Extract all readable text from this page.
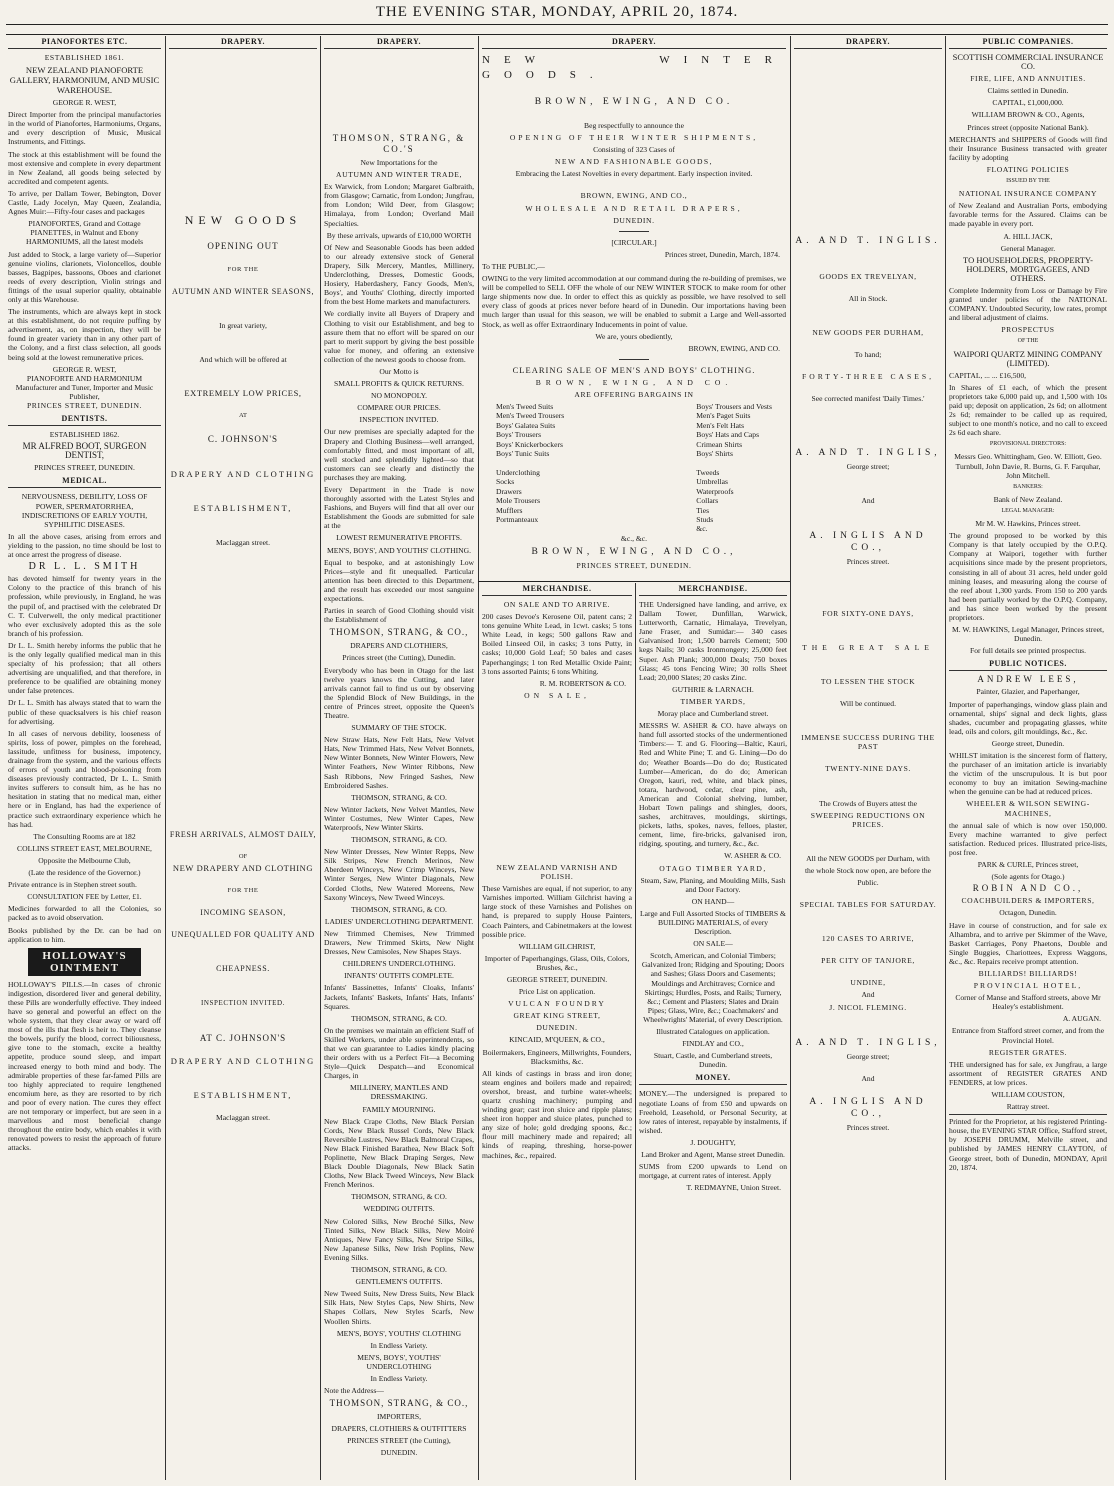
THE EVENING STAR, MONDAY, APRIL 20, 1874.
PIANOFORTES ETC.

ESTABLISHED 1861.

NEW ZEALAND PIANOFORTE GALLERY, HARMONIUM, AND MUSIC WAREHOUSE.

GEORGE R. WEST,

Direct Importer from the principal manufactories in the world of Pianofortes, Harmoniums, Organs, and every description of Music, Musical Instruments, and Fittings.

The stock at this establishment will be found the most extensive and complete in every department in New Zealand, all goods being selected by accredited and competent agents.

To arrive, per Dallam Tower, Bebington, Dover Castle, Lady Jocelyn, May Queen, Zealandia, Agnes Muir:—Fifty-four cases and packages

PIANOFORTES, Grand and Cottage PIANETTES, in Walnut and Ebony HARMONIUMS, all the latest models

Just added to Stock, a large variety of—Superior genuine violins, clarionets, Violoncellos, double basses, Bagpipes, bassoons, Oboes and clarionet reeds of every description, Violin strings and fittings of the usual superior quality, obtainable only at this Warehouse.

The instruments, which are always kept in stock at this establishment, do not require puffing by advertisement, as, on inspection, they will be found in greater variety than in any other part of the Colony, and a first class selection, all goods being sold at the lowest remunerative prices.

GEORGE R. WEST,

PIANOFORTE AND HARMONIUM

Manufacturer and Tuner, Importer and Music Publisher,

PRINCES STREET, DUNEDIN.

DENTISTS.

ESTABLISHED 1862.

MR ALFRED BOOT, SURGEON DENTIST,

PRINCES STREET, DUNEDIN.

MEDICAL.

NERVOUSNESS, DEBILITY, LOSS OF POWER, SPERMATORRHEA, INDISCRETIONS OF EARLY YOUTH, SYPHILITIC DISEASES.

In all the above cases, arising from errors and yielding to the passion, no time should be lost to at once arrest the progress of disease.

DR L. L. SMITH

has devoted himself for twenty years in the Colony to the practice of this branch of his profession, while previously, in England, he was the pupil of, and practised with the celebrated Dr C. T. Culverwell, the only medical practitioner who ever exclusively adopted this as the sole branch of his profession.

Dr L. L. Smith hereby informs the public that he is the only legally qualified medical man in this specialty of his profession; that all others advertising are unqualified, and that therefore, in preference to be qualified are obtaining money under false pretences.

Dr L. L. Smith has always stated that to warn the public of these quacksalvers is his chief reason for advertising.

In all cases of nervous debility, looseness of spirits, loss of power, pimples on the forehead, lassitude, unfitness for business, impotency, drainage from the system, and the various effects of errors of youth and blood-poisoning from diseases previously contracted, Dr L. L. Smith invites sufferers to consult him, as he has no hesitation in stating that no medical man, either here or in England, has had the experience of practice such extraordinary experience which he has had.

The Consulting Rooms are at 182

COLLINS STREET EAST, MELBOURNE,

Opposite the Melbourne Club,

(Late the residence of the Governor.)

Private entrance is in Stephen street south.

CONSULTATION FEE by Letter, £1.

Medicines forwarded to all the Colonies, so packed as to avoid observation.

Books published by the Dr. can be had on application to him.

HOLLOWAY'S OINTMENT

HOLLOWAY'S PILLS.—In cases of chronic indigestion, disordered liver and general debility, these Pills are wonderfully effective. They indeed have so general and powerful an effect on the whole system, that they clear away or ward off most of the ills that flesh is heir to. They cleanse the bowels, purify the blood, correct biliousness, give tone to the stomach, excite a healthy appetite, produce sound sleep, and impart increased energy to both mind and body. The admirable properties of these far-famed Pills are too highly appreciated to require lengthened encomium here, as they are resorted to by rich and poor of every nation. The cures they effect are not temporary or imperfect, but are seen in a marvellous and most beneficial change throughout the entire body, which enables it with renovated powers to resist the approach of future attacks.

DRAPERY.

NEW GOODS

OPENING OUT

FOR THE

AUTUMN AND WINTER SEASONS,

In great variety,

And which will be offered at

EXTREMELY LOW PRICES,

AT

C. JOHNSON'S

DRAPERY AND CLOTHING

ESTABLISHMENT,

Maclaggan street.

FRESH ARRIVALS, ALMOST DAILY,

OF

NEW DRAPERY AND CLOTHING

FOR THE

INCOMING SEASON,

UNEQUALLED FOR QUALITY AND

CHEAPNESS.

INSPECTION INVITED.

AT C. JOHNSON'S

DRAPERY AND CLOTHING

ESTABLISHMENT,

Maclaggan street.

DRAPERY.

THOMSON, STRANG, & CO.'S

New Importations for the

AUTUMN AND WINTER TRADE,

Ex Warwick, from London; Margaret Galbraith, from Glasgow; Carnatic, from London; Jungfrau, from London; Wild Deer, from Glasgow; Himalaya, from London; Overland Mail Specialties.

By these arrivals, upwards of £10,000 WORTH

Of New and Seasonable Goods has been added to our already extensive stock of General Drapery, Silk Mercery, Mantles, Millinery, Underclothing, Dresses, Domestic Goods, Hosiery, Haberdashery, Fancy Goods, Men's, Boys', and Youths' Clothing, directly imported from the best Home markets and manufacturers.

We cordially invite all Buyers of Drapery and Clothing to visit our Establishment, and beg to assure them that no effort will be spared on our part to merit support by giving the best possible value for money, and offering an extensive collection of the newest goods to choose from.

Our Motto is

SMALL PROFITS & QUICK RETURNS.

NO MONOPOLY.

COMPARE OUR PRICES.

INSPECTION INVITED.

Our new premises are specially adapted for the Drapery and Clothing Business—well arranged, comfortably fitted, and most important of all, well stocked and splendidly lighted—so that customers can see clearly and distinctly the purchases they are making.

Every Department in the Trade is now thoroughly assorted with the Latest Styles and Fashions, and Buyers will find that all over our Establishment the Goods are submitted for sale at the

LOWEST REMUNERATIVE PROFITS.

MEN'S, BOYS', AND YOUTHS' CLOTHING.

Equal to bespoke, and at astonishingly Low Prices—style and fit unequalled. Particular attention has been directed to this Department, and the result has exceeded our most sanguine expectations.

Parties in search of Good Clothing should visit the Establishment of

THOMSON, STRANG, & CO.,

DRAPERS AND CLOTHIERS,

Princes street (the Cutting), Dunedin.

Everybody who has been in Otago for the last twelve years knows the Cutting, and later arrivals cannot fail to find us out by observing the Splendid Block of New Buildings, in the centre of Princes street, opposite the Queen's Theatre.

SUMMARY OF THE STOCK.

New Straw Hats, New Felt Hats, New Velvet Hats, New Trimmed Hats, New Velvet Bonnets, New Winter Bonnets, New Winter Flowers, New Winter Feathers, New Winter Ribbons, New Sash Ribbons, New Fringed Sashes, New Embroidered Sashes.

THOMSON, STRANG, & CO.

New Winter Jackets, New Velvet Mantles, New Winter Costumes, New Winter Capes, New Waterproofs, New Winter Skirts.

THOMSON, STRANG, & CO.

New Winter Dresses, New Winter Repps, New Silk Stripes, New French Merinos, New Aberdeen Winceys, New Crimp Winceys, New Winter Serges, New Winter Diagonals, New Corded Cloths, New Watered Moreens, New Saxony Winceys, New Tweed Winceys.

THOMSON, STRANG, & CO.

LADIES' UNDERCLOTHING DEPARTMENT.

New Trimmed Chemises, New Trimmed Drawers, New Trimmed Skirts, New Night Dresses, New Camisoles, New Shapes Stays.

CHILDREN'S UNDERCLOTHING.

INFANTS' OUTFITS COMPLETE.

Infants' Bassinettes, Infants' Cloaks, Infants' Jackets, Infants' Baskets, Infants' Hats, Infants' Squares.

THOMSON, STRANG, & CO.

On the premises we maintain an efficient Staff of Skilled Workers, under able superintendents, so that we can guarantee to Ladies kindly placing their orders with us a Perfect Fit—a Becoming Style—Quick Despatch—and Economical Charges, in

MILLINERY, MANTLES AND DRESSMAKING.

FAMILY MOURNING.

New Black Crape Cloths, New Black Persian Cords, New Black Russel Cords, New Black Reversible Lustres, New Black Balmoral Crapes, New Black Finished Barathea, New Black Soft Poplinette, New Black Draping Serges, New Black Double Diagonals, New Black Satin Cloths, New Black Tweed Winceys, New Black French Merinos.

THOMSON, STRANG, & CO.

WEDDING OUTFITS.

New Colored Silks, New Broché Silks, New Tinted Silks, New Black Silks, New Moiré Antiques, New Fancy Silks, New Stripe Silks, New Japanese Silks, New Irish Poplins, New Evening Silks.

THOMSON, STRANG, & CO.

GENTLEMEN'S OUTFITS.

New Tweed Suits, New Dress Suits, New Black Silk Hats, New Styles Caps, New Shirts, New Shapes Collars, New Styles Scarfs, New Woollen Shirts.

MEN'S, BOYS', YOUTHS' CLOTHING

In Endless Variety.

MEN'S, BOYS', YOUTHS' UNDERCLOTHING

In Endless Variety.

Note the Address—

THOMSON, STRANG, & CO.,

IMPORTERS,

DRAPERS, CLOTHIERS & OUTFITTERS

PRINCES STREET (the Cutting),

DUNEDIN.

DRAPERY.

NEW WINTER GOODS.

BROWN, EWING, AND CO.

Beg respectfully to announce the

OPENING OF THEIR WINTER SHIPMENTS,

Consisting of 323 Cases of

NEW AND FASHIONABLE GOODS,

Embracing the Latest Novelties in every department. Early inspection invited.

BROWN, EWING, AND CO.,

WHOLESALE AND RETAIL DRAPERS,

DUNEDIN.

[CIRCULAR.]

Princes street, Dunedin, March, 1874.

To THE PUBLIC,—

OWING to the very limited accommodation at our command during the re-building of premises, we will be compelled to SELL OFF the whole of our NEW WINTER STOCK to make room for other large shipments now due. In order to effect this as quickly as possible, we have resolved to sell every class of goods at prices never before heard of in Dunedin. Our importations having been much larger than usual for this season, we will be enabled to submit a Large and Well-assorted Stock, as well as offer Extraordinary Inducements in point of value.

We are, yours obediently,

BROWN, EWING, AND CO.

CLEARING SALE OF MEN'S AND BOYS' CLOTHING.

BROWN, EWING, AND CO.

ARE OFFERING BARGAINS IN

Men's Tweed Suits
Men's Tweed Trousers
Boys' Galatea Suits
Boys' Trousers
Boys' Knickerbockers
Boys' Tunic Suits

Underclothing
Socks
Drawers
Mole Trousers
Mufflers
Portmanteaux
Boys' Trousers and Vests
Men's Paget Suits
Men's Felt Hats
Boys' Hats and Caps
Crimean Shirts
Boys' Shirts

Tweeds
Umbrellas
Waterproofs
Collars
Ties
Studs
&c.

&c., &c.

BROWN, EWING, AND CO.,

PRINCES STREET, DUNEDIN.

MERCHANDISE.

ON SALE AND TO ARRIVE.

200 cases Devoe's Kerosene Oil, patent cans; 2 tons genuine White Lead, in 1cwt. casks; 5 tons White Lead, in kegs; 500 gallons Raw and Boiled Linseed Oil, in casks; 3 tons Putty, in casks; 10,000 Gold Leaf; 50 bales and cases Paperhangings; 1 ton Red Metallic Oxide Paint; 3 tons assorted Paints; 6 tons Whiting.

R. M. ROBERTSON & CO.

ON SALE,

NEW ZEALAND VARNISH AND POLISH.

These Varnishes are equal, if not superior, to any Varnishes imported. William Gilchrist having a large stock of these Varnishes and Polishes on hand, is prepared to supply House Painters, Coach Painters, and Cabinetmakers at the lowest possible price.

WILLIAM GILCHRIST,

Importer of Paperhangings, Glass, Oils, Colors, Brushes, &c.,

GEORGE STREET, DUNEDIN.

Price List on application.

VULCAN FOUNDRY

GREAT KING STREET,

DUNEDIN.

KINCAID, M'QUEEN, & CO.,

Boilermakers, Engineers, Millwrights, Founders, Blacksmiths, &c.

All kinds of castings in brass and iron done; steam engines and boilers made and repaired; overshot, breast, and turbine water-wheels; quartz crushing machinery; pumping and winding gear; cast iron sluice and ripple plates; sheet iron hopper and sluice plates, punched to any size of hole; gold dredging spoons, &c.; flour mill machinery made and repaired; all kinds of reaping, threshing, horse-power machines, &c., repaired.

MERCHANDISE.

THE Undersigned have landing, and arrive, ex Dallam Tower, Dunfillan, Warwick, Lutterworth, Carnatic, Himalaya, Trevelyan, Jane Fraser, and Sumidar:— 340 cases Galvanised Iron; 1,500 barrels Cement; 500 kegs Nails; 30 casks Ironmongery; 25,000 feet Super. Ash Plank; 300,000 Deals; 750 boxes Glass; 45 tons Fencing Wire; 30 rolls Sheet Lead; 20,000 Slates; 20 casks Zinc.

GUTHRIE & LARNACH.

TIMBER YARDS,

Moray place and Cumberland street.

MESSRS W. ASHER & CO. have always on hand full assorted stocks of the undermentioned Timbers:— T. and G. Flooring—Baltic, Kauri, Red and White Pine; T. and G. Lining—Do do do; Weather Boards—Do do do; Rusticated Lumber—American, do do do; American Oregon, kauri, red, white, and black pines, totara, hardwood, cedar, clear pine, ash, American and Colonial shelving, lumber, Hobart Town palings and shingles, doors, sashes, architraves, mouldings, skirtings, pickets, laths, spokes, naves, felloes, plaster, cement, lime, fire-bricks, galvanised iron, ridging, spouting, and turnery, &c., &c.

W. ASHER & CO.

OTAGO TIMBER YARD,

Steam, Saw, Planing, and Moulding Mills, Sash and Door Factory.

ON HAND—

Large and Full Assorted Stocks of TIMBERS & BUILDING MATERIALS, of every Description.

ON SALE—

Scotch, American, and Colonial Timbers; Galvanized Iron; Ridging and Spouting; Doors and Sashes; Glass Doors and Casements; Mouldings and Architraves; Cornice and Skirtings; Hurdles, Posts, and Rails; Turnery, &c.; Cement and Plasters; Slates and Drain Pipes; Glass, Wire, &c.; Coachmakers' and Wheelwrights' Material, of every Description.

Illustrated Catalogues on application.

FINDLAY and CO.,

Stuart, Castle, and Cumberland streets, Dunedin.

MONEY.

MONEY.—The undersigned is prepared to negotiate Loans of from £50 and upwards on Freehold, Leasehold, or Personal Security, at low rates of interest, repayable by instalments, if wished.

J. DOUGHTY,

Land Broker and Agent, Manse street Dunedin.

SUMS from £200 upwards to Lend on mortgage, at current rates of interest. Apply

T. REDMAYNE, Union Street.

DRAPERY.

A. AND T. INGLIS.

GOODS EX TREVELYAN,

All in Stock.

NEW GOODS PER DURHAM,

To hand;

FORTY-THREE CASES,

See corrected manifest 'Daily Times.'

A. AND T. INGLIS,

George street;

And

A. INGLIS AND CO.,

Princes street.

FOR SIXTY-ONE DAYS,

THE GREAT SALE

TO LESSEN THE STOCK

Will be continued.

IMMENSE SUCCESS DURING THE PAST

TWENTY-NINE DAYS.

The Crowds of Buyers attest the

SWEEPING REDUCTIONS ON PRICES.

All the NEW GOODS per Durham, with

the whole Stock now open, are before the

Public.

SPECIAL TABLES FOR SATURDAY.

120 CASES TO ARRIVE,

PER CITY OF TANJORE,

UNDINE,

And

J. NICOL FLEMING.

A. AND T. INGLIS,

George street;

And

A. INGLIS AND CO.,

Princes street.

PUBLIC COMPANIES.

SCOTTISH COMMERCIAL INSURANCE CO.

FIRE, LIFE, AND ANNUITIES.

Claims settled in Dunedin.

CAPITAL, £1,000,000.

WILLIAM BROWN & CO., Agents,

Princes street (opposite National Bank).

MERCHANTS and SHIPPERS of Goods will find their Insurance Business transacted with greater facility by adopting

FLOATING POLICIES

ISSUED BY THE

NATIONAL INSURANCE COMPANY

of New Zealand and Australian Ports, embodying favorable terms for the Assured. Claims can be made payable in every port.

A. HILL JACK,

General Manager.

TO HOUSEHOLDERS, PROPERTY-HOLDERS, MORTGAGEES, AND OTHERS.

Complete Indemnity from Loss or Damage by Fire granted under policies of the NATIONAL COMPANY. Undoubted Security, low rates, prompt and liberal adjustment of claims.

PROSPECTUS

OF THE

WAIPORI QUARTZ MINING COMPANY (LIMITED).

CAPITAL, ... ... £16,500,

In Shares of £1 each, of which the present proprietors take 6,000 paid up, and 1,500 with 10s paid up; deposit on application, 2s 6d; on allotment 2s 6d; remainder to be called up as required, subject to one month's notice, and no call to exceed 2s 6d each share.

PROVISIONAL DIRECTORS:

Messrs Geo. Whittingham, Geo. W. Elliott, Geo. Turnbull, John Davie, R. Burns, G. F. Farquhar, John Mitchell.

BANKERS:

Bank of New Zealand.

LEGAL MANAGER:

Mr M. W. Hawkins, Princes street.

The ground proposed to be worked by this Company is that lately occupied by the O.P.Q. Company at Waipori, together with further acquisitions since made by the present proprietors, consisting in all of about 31 acres, held under gold mining leases, and measuring along the course of the reef about 1,300 yards. From 150 to 200 yards had been partially worked by the O.P.Q. Company, and has since been worked by the present proprietors.

M. W. HAWKINS, Legal Manager, Princes street, Dunedin.

For full details see printed prospectus.

PUBLIC NOTICES.

ANDREW LEES,

Painter, Glazier, and Paperhanger,

Importer of paperhangings, window glass plain and ornamental, ships' signal and deck lights, glass shades, cucumber and propagating glasses, white lead, oils and colors, gilt mouldings, &c., &c.

George street, Dunedin.

WHILST imitation is the sincerest form of flattery, the purchaser of an imitation article is invariably the victim of the unscrupulous. It is but poor economy to buy an imitation Sewing-machine when the genuine can be had at reduced prices.

WHEELER & WILSON SEWING-MACHINES,

the annual sale of which is now over 150,000. Every machine warranted to give perfect satisfaction. Reduced prices. Illustrated price-lists, post free.

PARK & CURLE, Princes street,

(Sole agents for Otago.)

ROBIN AND CO.,

COACHBUILDERS & IMPORTERS,

Octagon, Dunedin.

Have in course of construction, and for sale ex Alhambra, and to arrive per Skimmer of the Wave, Basket Carriages, Pony Phaetons, Double and Single Buggies, Chariottees, Express Waggons, &c., &c. Repairs receive prompt attention.

BILLIARDS! BILLIARDS!

PROVINCIAL HOTEL,

Corner of Manse and Stafford streets, above Mr Healey's establishment.

A. AUGAN.

Entrance from Stafford street corner, and from the Provincial Hotel.

REGISTER GRATES.

THE undersigned has for sale, ex Jungfrau, a large assortment of REGISTER GRATES AND FENDERS, at low prices.

WILLIAM COUSTON,

Rattray street.

Printed for the Proprietor, at his registered Printing-house, the EVENING STAR Office, Stafford street, by JOSEPH DRUMM, Melville street, and published by JAMES HENRY CLAYTON, of George street, both of Dunedin, MONDAY, April 20, 1874.
